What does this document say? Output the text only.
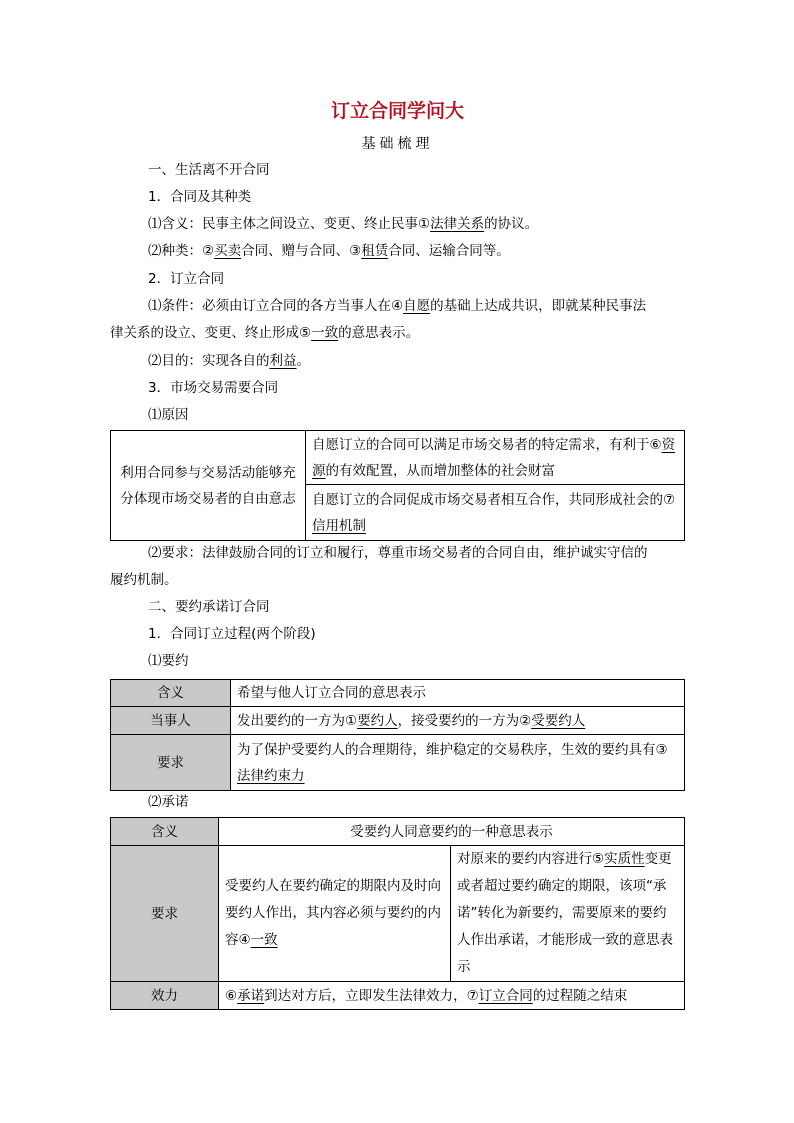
订立合同学问大
基础梳理
一、生活离不开合同
1．合同及其种类
⑴含义：民事主体之间设立、变更、终止民事①法律关系的协议。
⑵种类：②买卖合同、赠与合同、③租赁合同、运输合同等。
2．订立合同
⑴条件：必须由订立合同的各方当事人在④自愿的基础上达成共识，即就某种民事法
律关系的设立、变更、终止形成⑤一致的意思表示。
⑵目的：实现各自的利益。
3．市场交易需要合同
⑴原因
利用合同参与交易活动能够充分体现市场交易者的自由意志	自愿订立的合同可以满足市场交易者的特定需求，有利于⑥资源的有效配置，从而增加整体的社会财富
自愿订立的合同促成市场交易者相互合作，共同形成社会的⑦信用机制
⑵要求：法律鼓励合同的订立和履行，尊重市场交易者的合同自由，维护诚实守信的
履约机制。
二、要约承诺订合同
1．合同订立过程(两个阶段)
⑴要约
含义	希望与他人订立合同的意思表示
当事人	发出要约的一方为①要约人，接受要约的一方为②受要约人
要求	为了保护受要约人的合理期待，维护稳定的交易秩序，生效的要约具有③法律约束力
⑵承诺
含义	受要约人同意要约的一种意思表示	
要求	受要约人在要约确定的期限内及时向要约人作出，其内容必须与要约的内容④一致	对原来的要约内容进行⑤实质性变更或者超过要约确定的期限，该项“承诺”转化为新要约，需要原来的要约人作出承诺，才能形成一致的意思表示
效力	⑥承诺到达对方后，立即发生法律效力，⑦订立合同的过程随之结束	
